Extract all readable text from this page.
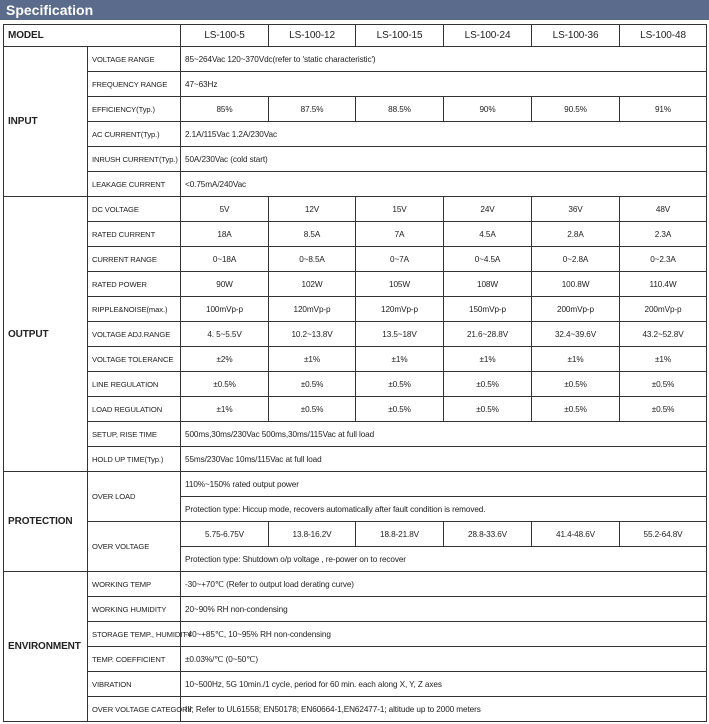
Specification
MODEL		LS-100-5	LS-100-12	LS-100-15	LS-100-24	LS-100-36	LS-100-48
INPUT	VOLTAGE RANGE	85~264Vac 120~370Vdc(refer to 'static characteristic')					
	FREQUENCY RANGE	47~63Hz					
	EFFICIENCY(Typ.)	85%	87.5%	88.5%	90%	90.5%	91%
	AC CURRENT(Typ.)	2.1A/115Vac 1.2A/230Vac					
	INRUSH CURRENT(Typ.)	50A/230Vac (cold start)					
	LEAKAGE CURRENT	<0.75mA/240Vac					
OUTPUT	DC VOLTAGE	5V	12V	15V	24V	36V	48V
	RATED CURRENT	18A	8.5A	7A	4.5A	2.8A	2.3A
	CURRENT RANGE	0~18A	0~8.5A	0~7A	0~4.5A	0~2.8A	0~2.3A
	RATED POWER	90W	102W	105W	108W	100.8W	110.4W
	RIPPLE&NOISE(max.)	100mVp-p	120mVp-p	120mVp-p	150mVp-p	200mVp-p	200mVp-p
	VOLTAGE ADJ.RANGE	4. 5~5.5V	10.2~13.8V	13.5~18V	21.6~28.8V	32.4~39.6V	43.2~52.8V
	VOLTAGE TOLERANCE	±2%	±1%	±1%	±1%	±1%	±1%
	LINE REGULATION	±0.5%	±0.5%	±0.5%	±0.5%	±0.5%	±0.5%
	LOAD REGULATION	±1%	±0.5%	±0.5%	±0.5%	±0.5%	±0.5%
	SETUP, RISE TIME	500ms,30ms/230Vac 500ms,30ms/115Vac at full load					
	HOLD UP TIME(Typ.)	55ms/230Vac 10ms/115Vac at full load					
PROTECTION	OVER LOAD	110%~150% rated output power					
		Protection type: Hiccup mode, recovers automatically after fault condition is removed.					
	OVER VOLTAGE	5.75-6.75V	13.8-16.2V	18.8-21.8V	28.8-33.6V	41.4-48.6V	55.2-64.8V
		Protection type: Shutdown o/p voltage , re-power on to recover					
ENVIRONMENT	WORKING TEMP	-30~+70℃ (Refer to output load derating curve)					
	WORKING HUMIDITY	20~90% RH non-condensing					
	STORAGE TEMP., HUMIDITY	-40~+85℃, 10~95% RH non-condensing					
	TEMP. COEFFICIENT	±0.03%/℃ (0~50℃)					
	VIBRATION	10~500Hz, 5G 10min./1 cycle, period for 60 min. each along X, Y, Z axes					
	OVER VOLTAGE CATEGORY	III; Refer to UL61558; EN50178; EN60664-1,EN62477-1; altitude up to 2000 meters					
